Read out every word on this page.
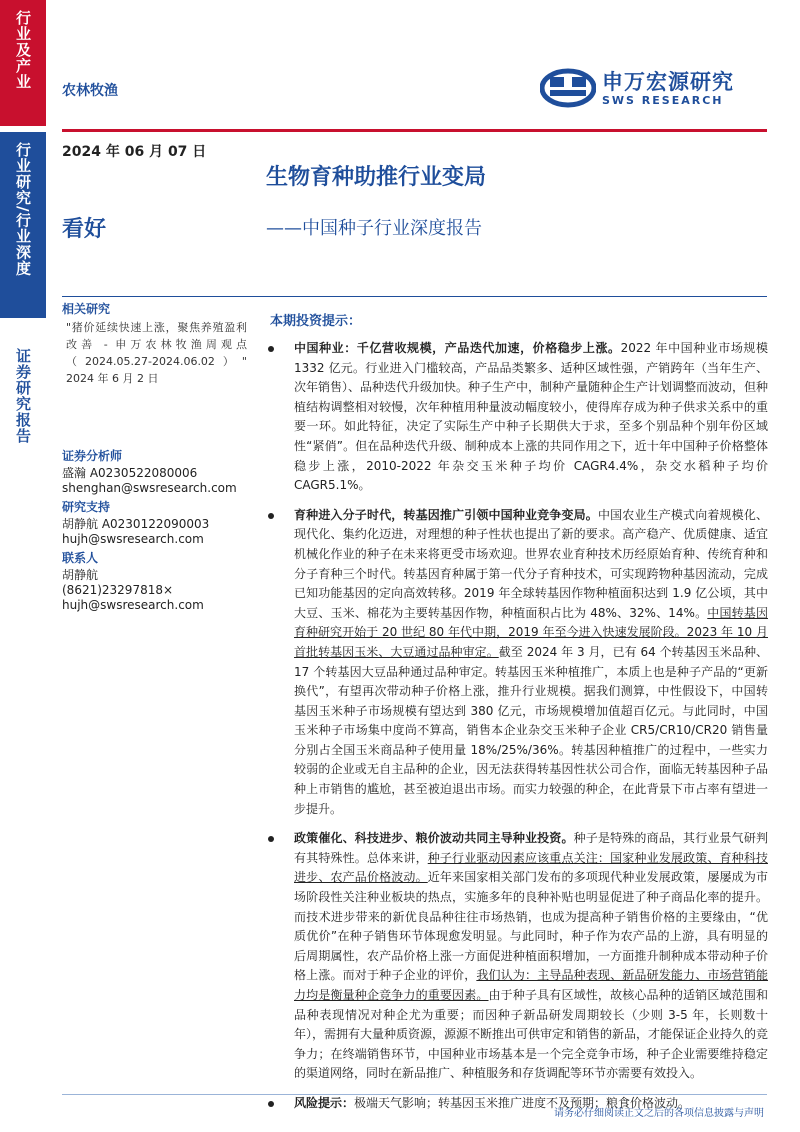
行业及产业
行业研究/行业深度
证券研究报告
农林牧渔	申万宏源研究
SWS RESEARCH
2024 年 06 月 07 日
生物育种助推行业变局
看好	——中国种子行业深度报告
相关研究
"猪价延续快速上涨，聚焦养殖盈利改善 - 申万农林牧渔周观点（2024.05.27-2024.06.02）" 2024 年 6 月 2 日
证券分析师
盛瀚 A0230522080006
shenghan@swsresearch.com
研究支持
胡静航 A0230122090003
hujh@swsresearch.com
联系人
胡静航
(8621)23297818×
hujh@swsresearch.com
本期投资提示：
中国种业：千亿营收规模，产品迭代加速，价格稳步上涨。2022 年中国种业市场规模 1332 亿元。行业进入门槛较高，产品品类繁多、适种区域性强，产销跨年（当年生产、次年销售）、品种迭代升级加快。种子生产中，制种产量随种企生产计划调整而波动，但种植结构调整相对较慢，次年种植用种量波动幅度较小，使得库存成为种子供求关系中的重要一环。如此特征，决定了实际生产中种子长期供大于求，至多个别品种个别年份区域性“紧俏”。但在品种迭代升级、制种成本上涨的共同作用之下，近十年中国种子价格整体稳步上涨，2010-2022 年杂交玉米种子均价 CAGR4.4%，杂交水稻种子均价 CAGR5.1%。
育种进入分子时代，转基因推广引领中国种业竞争变局。中国农业生产模式向着规模化、现代化、集约化迈进，对理想的种子性状也提出了新的要求。高产稳产、优质健康、适宜机械化作业的种子在未来将更受市场欢迎。世界农业育种技术历经原始育种、传统育种和分子育种三个时代。转基因育种属于第一代分子育种技术，可实现跨物种基因流动，完成已知功能基因的定向高效转移。2019 年全球转基因作物种植面积达到 1.9 亿公顷，其中大豆、玉米、棉花为主要转基因作物，种植面积占比为 48%、32%、14%。中国转基因育种研究开始于 20 世纪 80 年代中期，2019 年至今进入快速发展阶段。2023 年 10 月首批转基因玉米、大豆通过品种审定。截至 2024 年 3 月，已有 64 个转基因玉米品种、17 个转基因大豆品种通过品种审定。转基因玉米种植推广，本质上也是种子产品的“更新换代”，有望再次带动种子价格上涨，推升行业规模。据我们测算，中性假设下，中国转基因玉米种子市场规模有望达到 380 亿元，市场规模增加值超百亿元。与此同时，中国玉米种子市场集中度尚不算高，销售本企业杂交玉米种子企业 CR5/CR10/CR20 销售量分别占全国玉米商品种子使用量 18%/25%/36%。转基因种植推广的过程中，一些实力较弱的企业或无自主品种的企业，因无法获得转基因性状公司合作，面临无转基因种子品种上市销售的尴尬，甚至被迫退出市场。而实力较强的种企，在此背景下市占率有望进一步提升。
政策催化、科技进步、粮价波动共同主导种业投资。种子是特殊的商品，其行业景气研判有其特殊性。总体来讲，种子行业驱动因素应该重点关注：国家种业发展政策、育种科技进步、农产品价格波动。近年来国家相关部门发布的多项现代种业发展政策，屡屡成为市场阶段性关注种业板块的热点，实施多年的良种补贴也明显促进了种子商品化率的提升。而技术进步带来的新优良品种往往市场热销，也成为提高种子销售价格的主要缘由，“优质优价”在种子销售环节体现愈发明显。与此同时，种子作为农产品的上游，具有明显的后周期属性，农产品价格上涨一方面促进种植面积增加，一方面推升制种成本带动种子价格上涨。而对于种子企业的评价，我们认为：主导品种表现、新品研发能力、市场营销能力均是衡量种企竞争力的重要因素。由于种子具有区域性，故核心品种的适销区域范围和品种表现情况对种企尤为重要；而因种子新品研发周期较长（少则 3-5 年，长则数十年），需拥有大量种质资源，源源不断推出可供审定和销售的新品，才能保证企业持久的竞争力；在终端销售环节，中国种业市场基本是一个完全竞争市场，种子企业需要维持稳定的渠道网络，同时在新品推广、种植服务和存货调配等环节亦需要有效投入。
风险提示：极端天气影响；转基因玉米推广进度不及预期；粮食价格波动。
请务必仔细阅读正文之后的各项信息披露与声明
